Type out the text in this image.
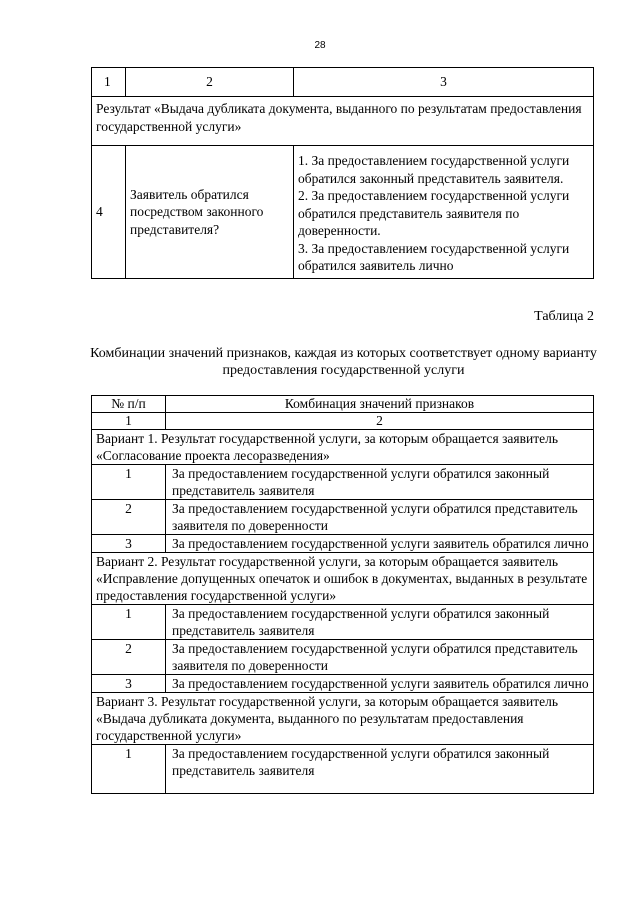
28
1	2	3
Результат «Выдача дубликата документа, выданного по результатам предоставления государственной услуги»		
4	Заявитель обратился посредством законного представителя?	1. За предоставлением государственной услуги обратился законный представитель заявителя.
2. За предоставлением государственной услуги обратился представитель заявителя по доверенности.
3. За предоставлением государственной услуги обратился заявитель лично
Таблица 2
Комбинации значений признаков, каждая из которых соответствует одному варианту предоставления государственной услуги
№ п/п	Комбинация значений признаков
1	2
Вариант 1. Результат государственной услуги, за которым обращается заявитель «Согласование проекта лесоразведения»	
1	За предоставлением государственной услуги обратился законный представитель заявителя
2	За предоставлением государственной услуги обратился представитель заявителя по доверенности
3	За предоставлением государственной услуги заявитель обратился лично
Вариант 2. Результат государственной услуги, за которым обращается заявитель «Исправление допущенных опечаток и ошибок в документах, выданных в результате предоставления государственной услуги»	
1	За предоставлением государственной услуги обратился законный представитель заявителя
2	За предоставлением государственной услуги обратился представитель заявителя по доверенности
3	За предоставлением государственной услуги заявитель обратился лично
Вариант 3. Результат государственной услуги, за которым обращается заявитель «Выдача дубликата документа, выданного по результатам предоставления государственной услуги»	
1	За предоставлением государственной услуги обратился законный представитель заявителя
